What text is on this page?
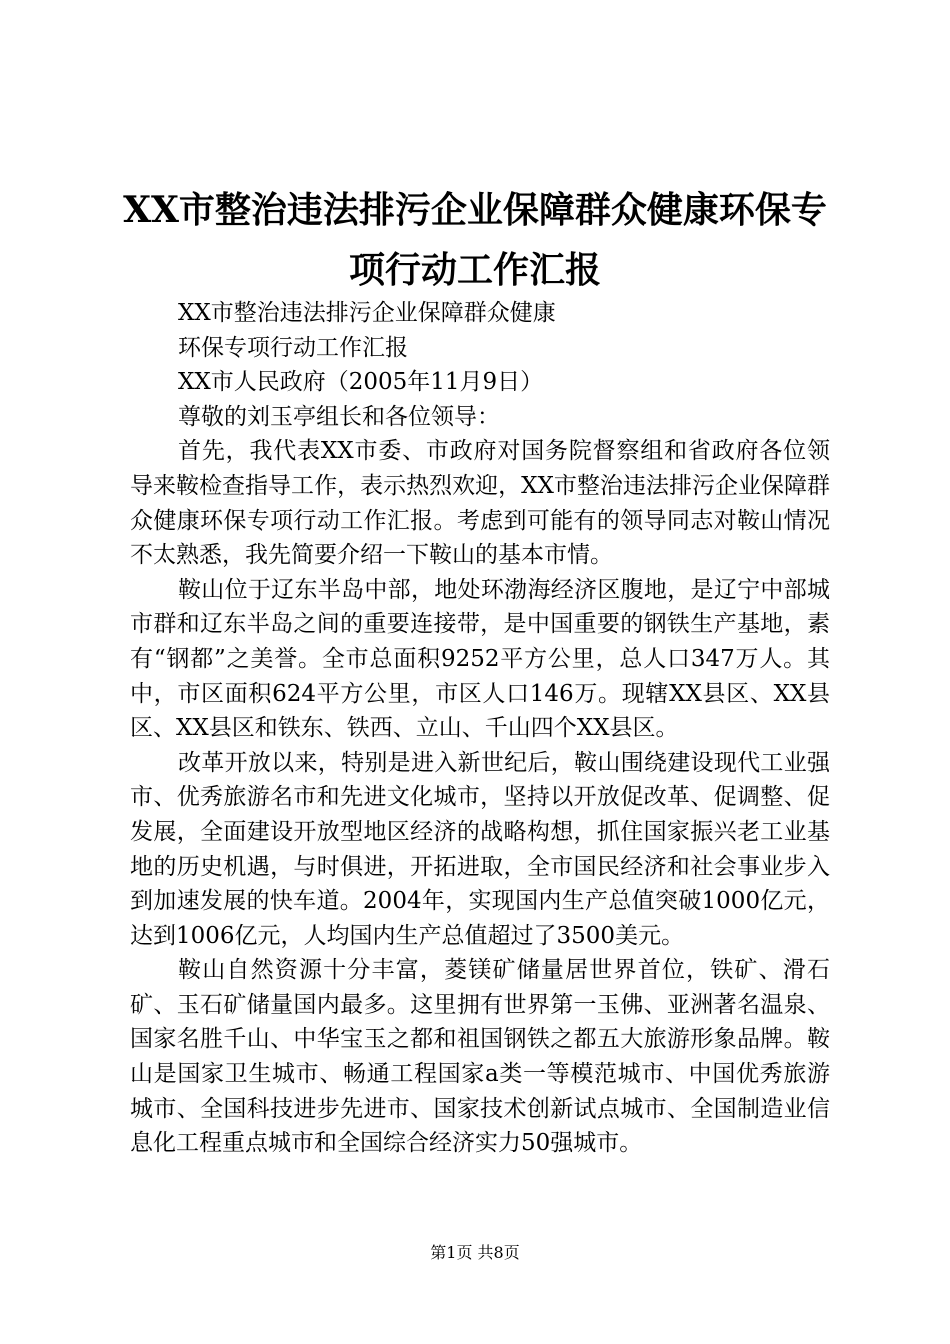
XX市整治违法排污企业保障群众健康环保专
项行动工作汇报
XX市整治违法排污企业保障群众健康
环保专项行动工作汇报
XX市人民政府（2005年11月9日）
尊敬的刘玉亭组长和各位领导：

首先，我代表XX市委、市政府对国务院督察组和省政府各位领导来鞍检查指导工作，表示热烈欢迎，XX市整治违法排污企业保障群众健康环保专项行动工作汇报。考虑到可能有的领导同志对鞍山情况不太熟悉，我先简要介绍一下鞍山的基本市情。

鞍山位于辽东半岛中部，地处环渤海经济区腹地，是辽宁中部城市群和辽东半岛之间的重要连接带，是中国重要的钢铁生产基地，素有“钢都”之美誉。全市总面积9252平方公里，总人口347万人。其中，市区面积624平方公里，市区人口146万。现辖XX县区、XX县区、XX县区和铁东、铁西、立山、千山四个XX县区。

改革开放以来，特别是进入新世纪后，鞍山围绕建设现代工业强市、优秀旅游名市和先进文化城市，坚持以开放促改革、促调整、促发展，全面建设开放型地区经济的战略构想，抓住国家振兴老工业基地的历史机遇，与时俱进，开拓进取，全市国民经济和社会事业步入到加速发展的快车道。2004年，实现国内生产总值突破1000亿元，达到1006亿元，人均国内生产总值超过了3500美元。

鞍山自然资源十分丰富，菱镁矿储量居世界首位，铁矿、滑石矿、玉石矿储量国内最多。这里拥有世界第一玉佛、亚洲著名温泉、国家名胜千山、中华宝玉之都和祖国钢铁之都五大旅游形象品牌。鞍山是国家卫生城市、畅通工程国家a类一等模范城市、中国优秀旅游城市、全国科技进步先进市、国家技术创新试点城市、全国制造业信息化工程重点城市和全国综合经济实力50强城市。

第1页 共8页
